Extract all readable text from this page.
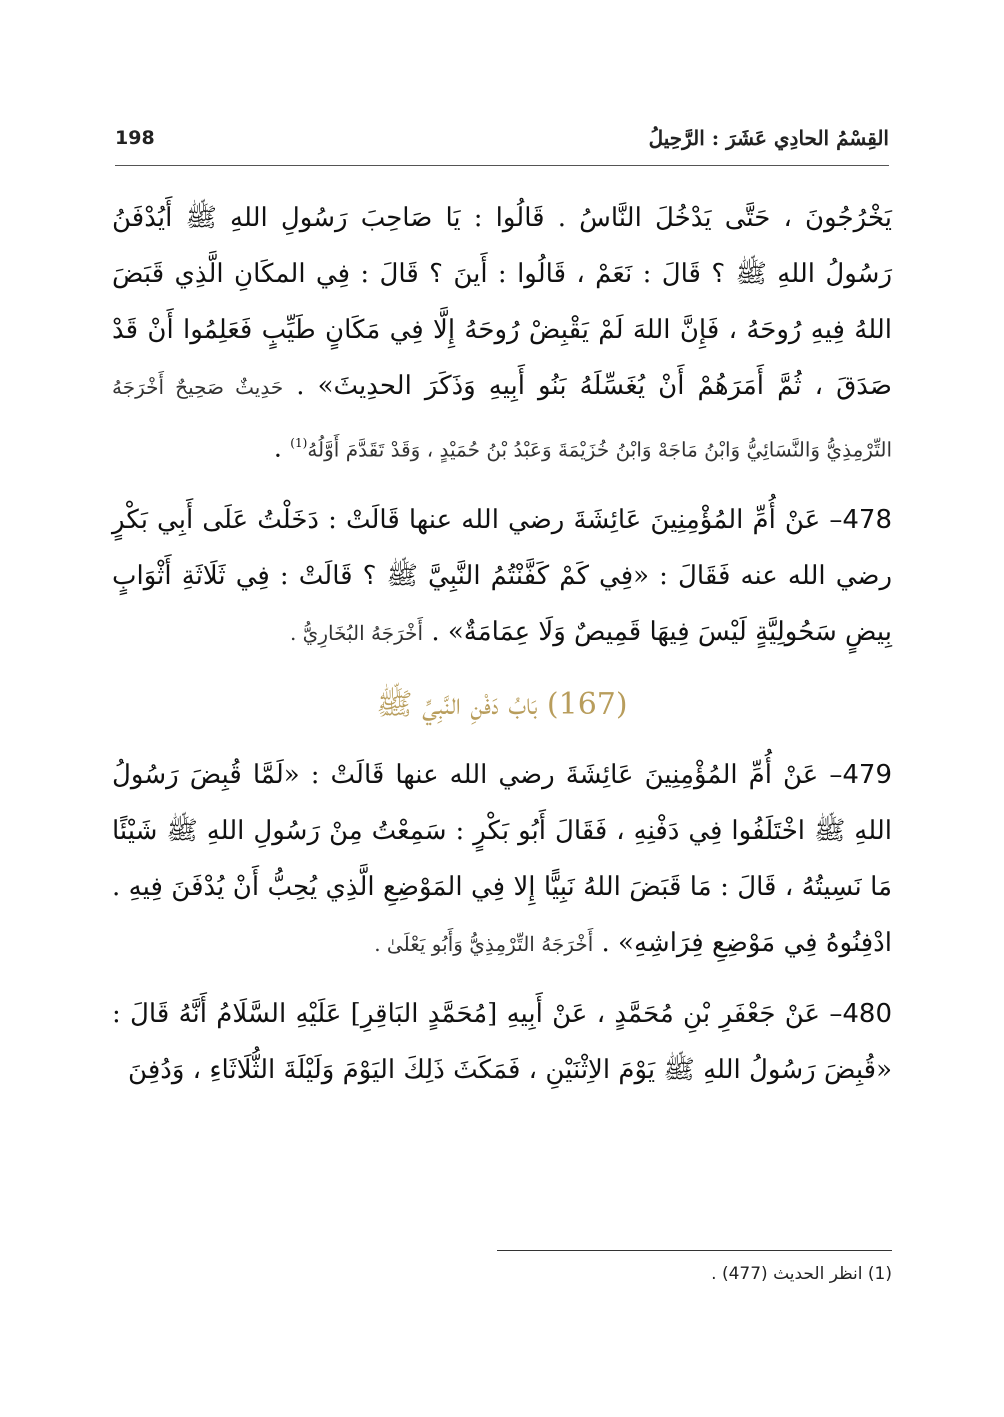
198	القِسْمُ الحادِي عَشَرَ : الرَّحِيلُ

يَخْرُجُونَ ، حَتَّى يَدْخُلَ النَّاسُ . قَالُوا : يَا صَاحِبَ رَسُولِ اللهِ ﷺ أَيُدْفَنُ رَسُولُ اللهِ ﷺ ؟ قَالَ : نَعَمْ ، قَالُوا : أَينَ ؟ قَالَ : فِي المكَانِ الَّذِي قَبَضَ اللهُ فِيهِ رُوحَهُ ، فَإِنَّ اللهَ لَمْ يَقْبِضْ رُوحَهُ إِلَّا فِي مَكَانٍ طَيِّبٍ فَعَلِمُوا أَنْ قَدْ صَدَقَ ، ثُمَّ أَمَرَهُمْ أَنْ يُغَسِّلَهُ بَنُو أَبِيهِ وَذَكَرَ الحدِيثَ» . حَدِيثٌ صَحِيحٌ أَخْرَجَهُ التِّرْمِذِيُّ وَالنَّسَائِيُّ وَابْنُ مَاجَهْ وَابْنُ خُزَيْمَةَ وَعَبْدُ بْنُ حُمَيْدٍ ، وَقَدْ تَقَدَّمَ أَوَّلُهُ$^{(1)}$ .

478– عَنْ أُمِّ المُؤْمِنِينَ عَائِشَةَ رضي الله عنها قَالَتْ : دَخَلْتُ عَلَى أَبِي بَكْرٍ رضي الله عنه فَقَالَ : «فِي كَمْ كَفَّنْتُمُ النَّبِيَّ ﷺ ؟ قَالَتْ : فِي ثَلَاثَةِ أَثْوَابٍ بِيضٍ سَحُولِيَّةٍ لَيْسَ فِيهَا قَمِيصٌ وَلَا عِمَامَةٌ» . أَخْرَجَهُ البُخَارِيُّ .

(167) بَابُ دَفْنِ النَّبِيِّ ﷺ

479– عَنْ أُمِّ المُؤْمِنِينَ عَائِشَةَ رضي الله عنها قَالَتْ : «لَمَّا قُبِضَ رَسُولُ اللهِ ﷺ اخْتَلَفُوا فِي دَفْنِهِ ، فَقَالَ أَبُو بَكْرٍ : سَمِعْتُ مِنْ رَسُولِ اللهِ ﷺ شَيْئًا مَا نَسِيتُهُ ، قَالَ : مَا قَبَضَ اللهُ نَبِيًّا إِلا فِي المَوْضِعِ الَّذِي يُحِبُّ أَنْ يُدْفَنَ فِيهِ . ادْفِنُوهُ فِي مَوْضِعِ فِرَاشِهِ» . أَخْرَجَهُ التِّرْمِذِيُّ وَأَبُو يَعْلَىٰ .

480– عَنْ جَعْفَرِ بْنِ مُحَمَّدٍ ، عَنْ أَبِيهِ [مُحَمَّدٍ البَاقِرِ] عَلَيْهِ السَّلَامُ أَنَّهُ قَالَ : «قُبِضَ رَسُولُ اللهِ ﷺ يَوْمَ الاِثْنَيْنِ ، فَمَكَثَ ذَلِكَ اليَوْمَ وَلَيْلَةَ الثُّلَاثَاءِ ، وَدُفِنَ

(1) انظر الحديث (477) .
